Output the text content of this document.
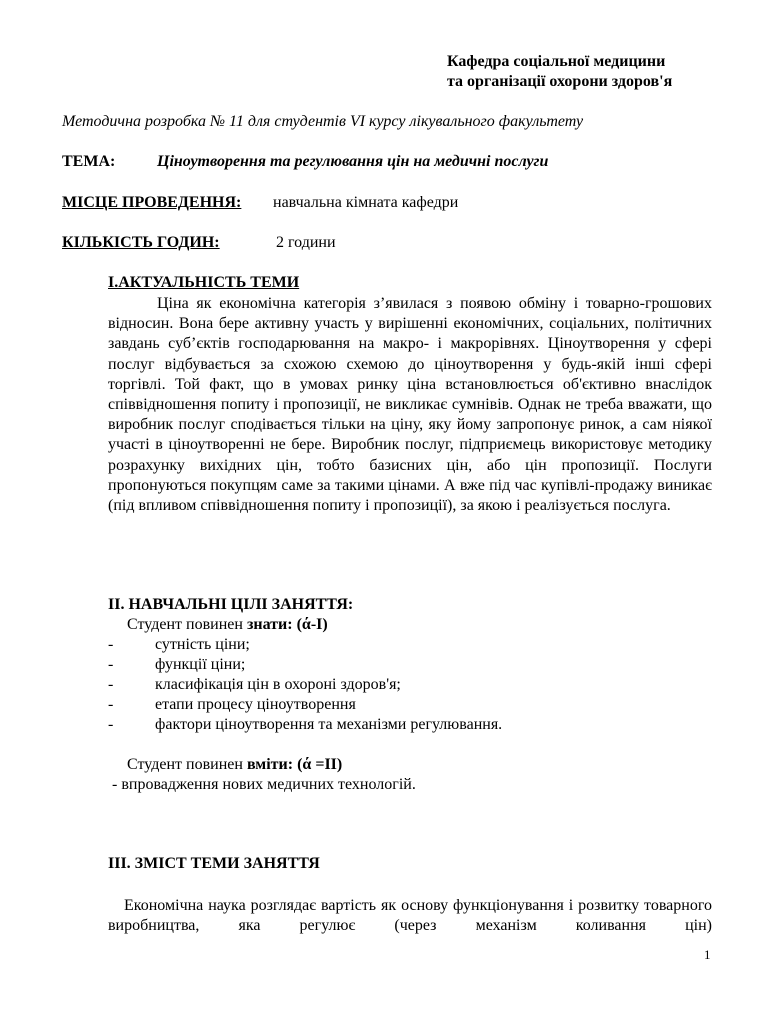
Кафедра соціальної медицини
та організації охорони здоров'я
Методична розробка № 11 для студентів VI курсу лікувального факультету
ТЕМА:	Ціноутворення та регулювання цін на медичні послуги
МІСЦЕ ПРОВЕДЕННЯ: навчальна кімната кафедри
КІЛЬКІСТЬ ГОДИН:	2 години
І.АКТУАЛЬНІСТЬ ТЕМИ
Ціна як економічна категорія з’явилася з появою обміну і товарно-грошових відносин. Вона бере активну участь у вирішенні економічних, соціальних, політичних завдань суб’єктів господарювання на макро- і макрорівнях. Ціноутворення у сфері послуг відбувається за схожою схемою до ціноутворення у будь-якій інші сфері торгівлі. Той факт, що в умовах ринку ціна встановлюється об'єктивно внаслідок співвідношення попиту і пропозиції, не викликає сумнівів. Однак не треба вважати, що виробник послуг сподівається тільки на ціну, яку йому запропонує ринок, а сам ніякої участі в ціноутворенні не бере. Виробник послуг, підприємець використовує методику розрахунку вихідних цін, тобто базисних цін, або цін пропозиції. Послуги пропонуються покупцям саме за такими цінами. А вже під час купівлі-продажу виникає (під впливом співвідношення попиту і пропозиції), за якою і реалізується послуга.
ІІ. НАВЧАЛЬНІ ЦІЛІ ЗАНЯТТЯ:
Студент повинен знати: (ά-І)
-	сутність ціни;
-	функції ціни;
-	класифікація цін в охороні здоров'я;
-	етапи процесу ціноутворення
-	фактори ціноутворення та механізми регулювання.
Студент повинен вміти: (ά =ІІ)
- впровадження нових медичних технологій.
ІІІ. ЗМІСТ ТЕМИ ЗАНЯТТЯ
Економічна наука розглядає вартість як основу функціонування і розвитку товарного виробництва, яка регулює (через механізм коливання цін)
1
